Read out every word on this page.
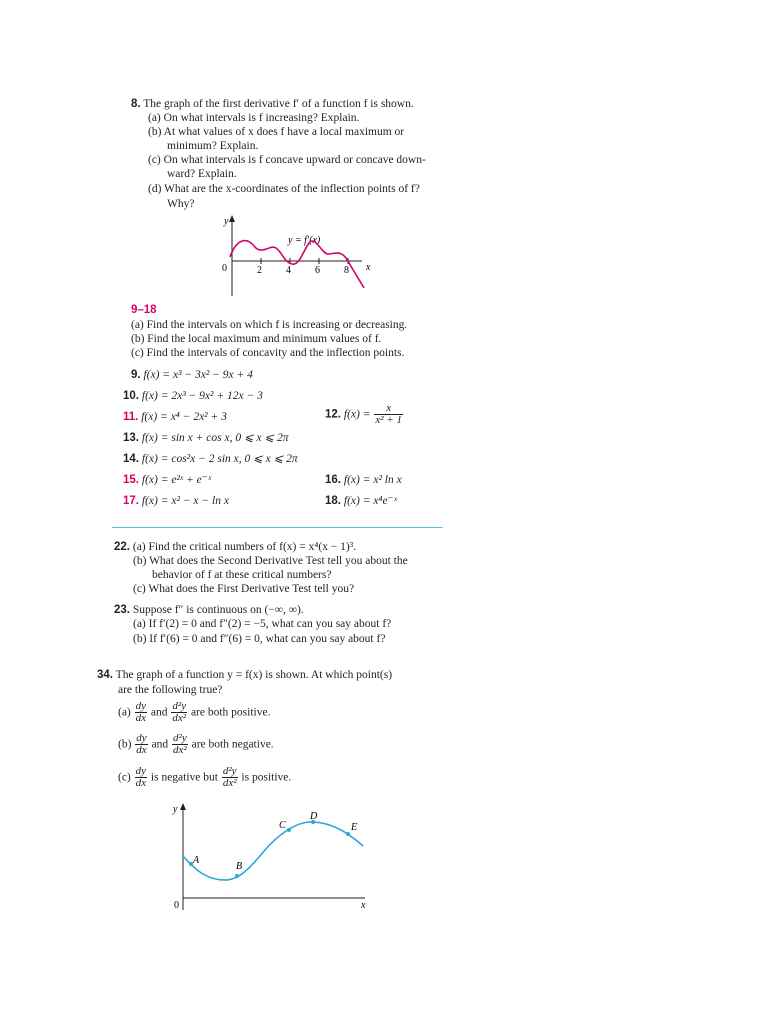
8. The graph of the first derivative f′ of a function f is shown.
(a) On what intervals is f increasing? Explain.
(b) At what values of x does f have a local maximum or
minimum? Explain.
(c) On what intervals is f concave upward or concave down-
ward? Explain.
(d) What are the x-coordinates of the inflection points of f?
Why?
y
x
0	2 4 6 8
y = f′(x)
9–18
(a) Find the intervals on which f is increasing or decreasing.
(b) Find the local maximum and minimum values of f.
(c) Find the intervals of concavity and the inflection points.
9. f(x) = x³ − 3x² − 9x + 4
10. f(x) = 2x³ − 9x² + 12x − 3
11. f(x) = x⁴ − 2x² + 3	12. $f(x) = \frac{x}{\text{x² + 1}}$
13. f(x) = sin x + cos x, 0 ⩽ x ⩽ 2π
14. f(x) = cos²x − 2 sin x, 0 ⩽ x ⩽ 2π
15. f(x) = e²ˣ + e⁻ˣ	16. f(x) = x² ln x
17. f(x) = x² − x − ln x	18. f(x) = x⁴e⁻ˣ
22. (a) Find the critical numbers of f(x) = x⁴(x − 1)³.
(b) What does the Second Derivative Test tell you about the
behavior of f at these critical numbers?
(c) What does the First Derivative Test tell you?
23. Suppose f″ is continuous on (−∞, ∞).
(a) If f′(2) = 0 and f″(2) = −5, what can you say about f?
(b) If f′(6) = 0 and f″(6) = 0, what can you say about f?
34. The graph of a function y = f(x) is shown. At which point(s)
are the following true?
$(a) \frac{dy}{dx}$ and $\frac{\text{d²y}}{\text{dx²}}$ are both positive.
$(b) \frac{dy}{dx}$ and $\frac{\text{d²y}}{\text{dx²}}$ are both negative.
$(c) \frac{dy}{dx}$ is negative but $\frac{\text{d²y}}{\text{dx²}}$ is positive.
y
x
0
A
B
C
D
E
